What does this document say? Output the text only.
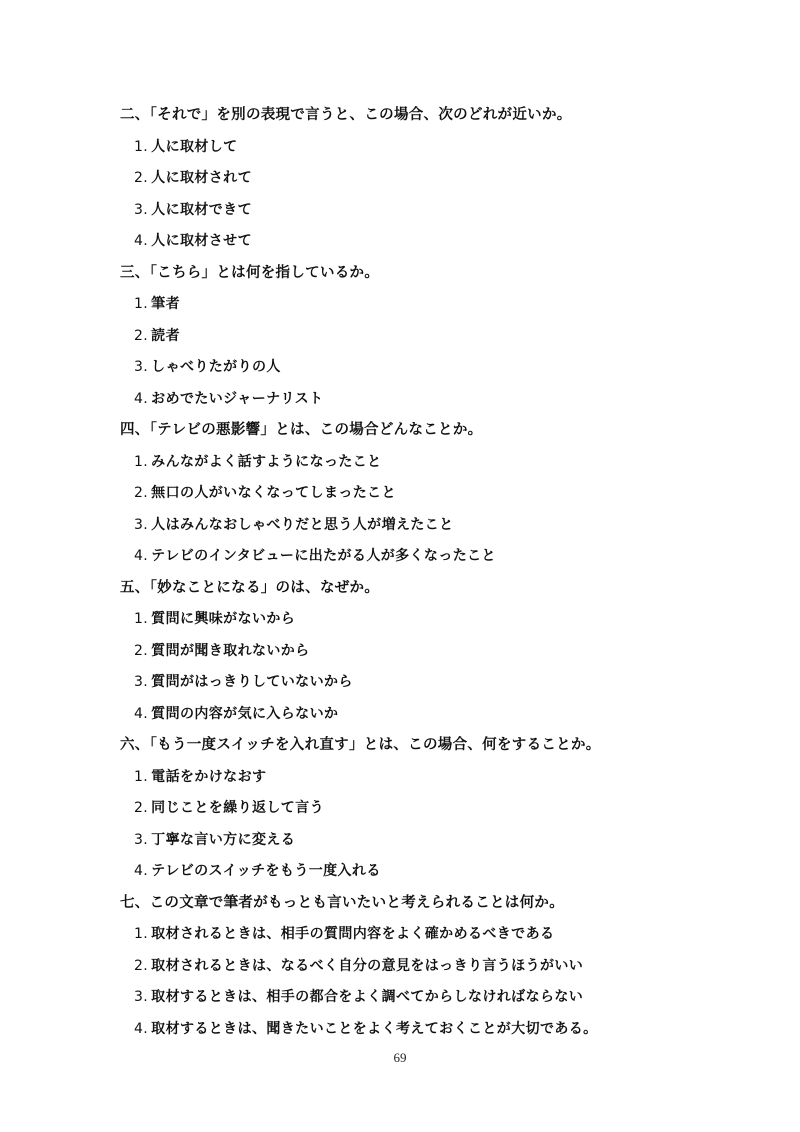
二、「それで」を別の表現で言うと、この場合、次のどれが近いか。

1. 人に取材して
2. 人に取材されて
3. 人に取材できて
4. 人に取材させて

三、「こちら」とは何を指しているか。

1. 筆者
2. 読者
3. しゃべりたがりの人
4. おめでたいジャーナリスト

四、「テレビの悪影響」とは、この場合どんなことか。

1. みんながよく話すようになったこと
2. 無口の人がいなくなってしまったこと
3. 人はみんなおしゃべりだと思う人が増えたこと
4. テレビのインタビューに出たがる人が多くなったこと

五、「妙なことになる」のは、なぜか。

1. 質問に興味がないから
2. 質問が聞き取れないから
3. 質問がはっきりしていないから
4. 質問の内容が気に入らないか

六、「もう一度スイッチを入れ直す」とは、この場合、何をすることか。

1. 電話をかけなおす
2. 同じことを繰り返して言う
3. 丁寧な言い方に変える
4. テレビのスイッチをもう一度入れる

七、この文章で筆者がもっとも言いたいと考えられることは何か。

1. 取材されるときは、相手の質問内容をよく確かめるべきである
2. 取材されるときは、なるべく自分の意見をはっきり言うほうがいい
3. 取材するときは、相手の都合をよく調べてからしなければならない
4. 取材するときは、聞きたいことをよく考えておくことが大切である。
69
